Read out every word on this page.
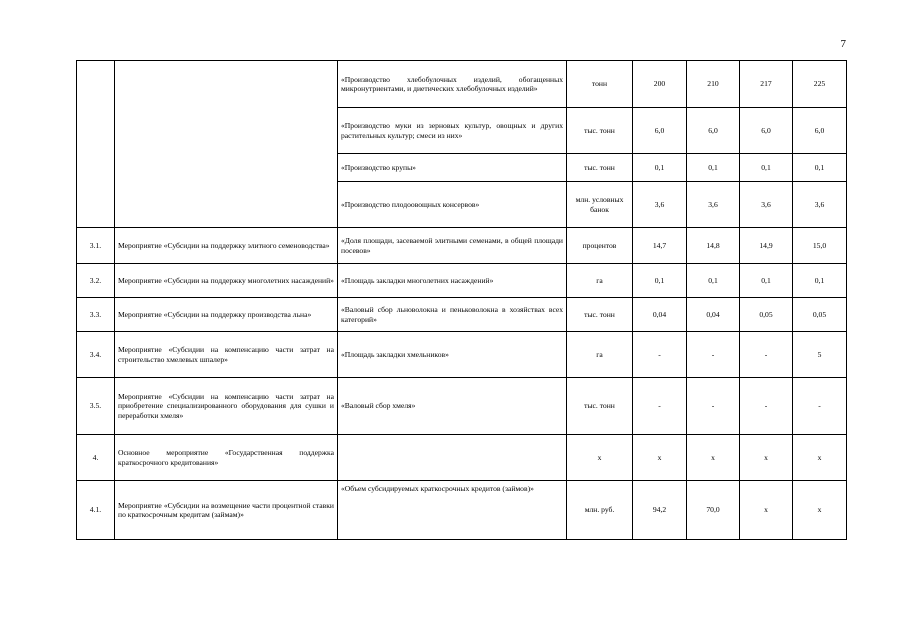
7
		«Производство хлебобулочных изделий, обогащенных микронутриентами, и диетических хлебобулочных изделий»	тонн	200	210	217	225
		«Производство муки из зерновых культур, овощных и других растительных культур; смеси из них»	тыс. тонн	6,0	6,0	6,0	6,0
		«Производство крупы»	тыс. тонн	0,1	0,1	0,1	0,1
		«Производство плодоовощных консервов»	млн. условных банок	3,6	3,6	3,6	3,6
3.1.	Мероприятие «Субсидии на поддержку элитного семеноводства»	«Доля площади, засеваемой элитными семенами, в общей площади посевов»	процентов	14,7	14,8	14,9	15,0
3.2.	Мероприятие «Субсидии на поддержку многолетних насаждений»	«Площадь закладки многолетних насаждений»	га	0,1	0,1	0,1	0,1
3.3.	Мероприятие «Субсидии на поддержку производства льна»	«Валовый сбор льноволокна и пеньковолокна в хозяйствах всех категорий»	тыс. тонн	0,04	0,04	0,05	0,05
3.4.	Мероприятие «Субсидии на компенсацию части затрат на строительство хмелевых шпалер»	«Площадь закладки хмельников»	га	-	-	-	5
3.5.	Мероприятие «Субсидии на компенсацию части затрат на приобретение специализированного оборудования для сушки и переработки хмеля»	«Валовый сбор хмеля»	тыс. тонн	-	-	-	-
4.	Основное мероприятие «Государственная поддержка краткосрочного кредитования»		х	х	х	х	х
4.1.	Мероприятие «Субсидии на возмещение части процентной ставки по краткосрочным кредитам (займам)»	«Объем субсидируемых краткосрочных кредитов (займов)»	млн. руб.	94,2	70,0	х	х
